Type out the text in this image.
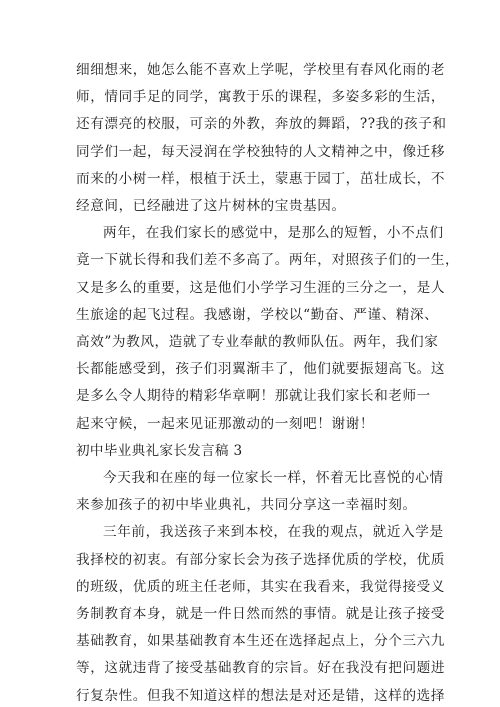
细细想来，她怎么能不喜欢上学呢，学校里有春风化雨的老
师，情同手足的同学，寓教于乐的课程，多姿多彩的生活，
还有漂亮的校服，可亲的外教，奔放的舞蹈，??我的孩子和
同学们一起，每天浸润在学校独特的人文精神之中，像迁移
而来的小树一样，根植于沃土，蒙惠于园丁，茁壮成长，不
经意间，已经融进了这片树林的宝贵基因。
两年，在我们家长的感觉中，是那么的短暂，小不点们
竟一下就长得和我们差不多高了。两年，对照孩子们的一生，
又是多么的重要，这是他们小学学习生涯的三分之一，是人
生旅途的起飞过程。我感谢，学校以“勤奋、严谨、精深、
高效”为教风，造就了专业奉献的教师队伍。两年，我们家
长都能感受到，孩子们羽翼渐丰了，他们就要振翅高飞。这
是多么令人期待的精彩华章啊！那就让我们家长和老师一
起来守候，一起来见证那激动的一刻吧！谢谢！
初中毕业典礼家长发言稿 3
今天我和在座的每一位家长一样，怀着无比喜悦的心情
来参加孩子的初中毕业典礼，共同分享这一幸福时刻。
三年前，我送孩子来到本校，在我的观点，就近入学是
我择校的初衷。有部分家长会为孩子选择优质的学校，优质
的班级，优质的班主任老师，其实在我看来，我觉得接受义
务制教育本身，就是一件日然而然的事情。就是让孩子接受
基础教育，如果基础教育本生还在选择起点上，分个三六九
等，这就违背了接受基础教育的宗旨。好在我没有把问题进
行复杂性。但我不知道这样的想法是对还是错，这样的选择
